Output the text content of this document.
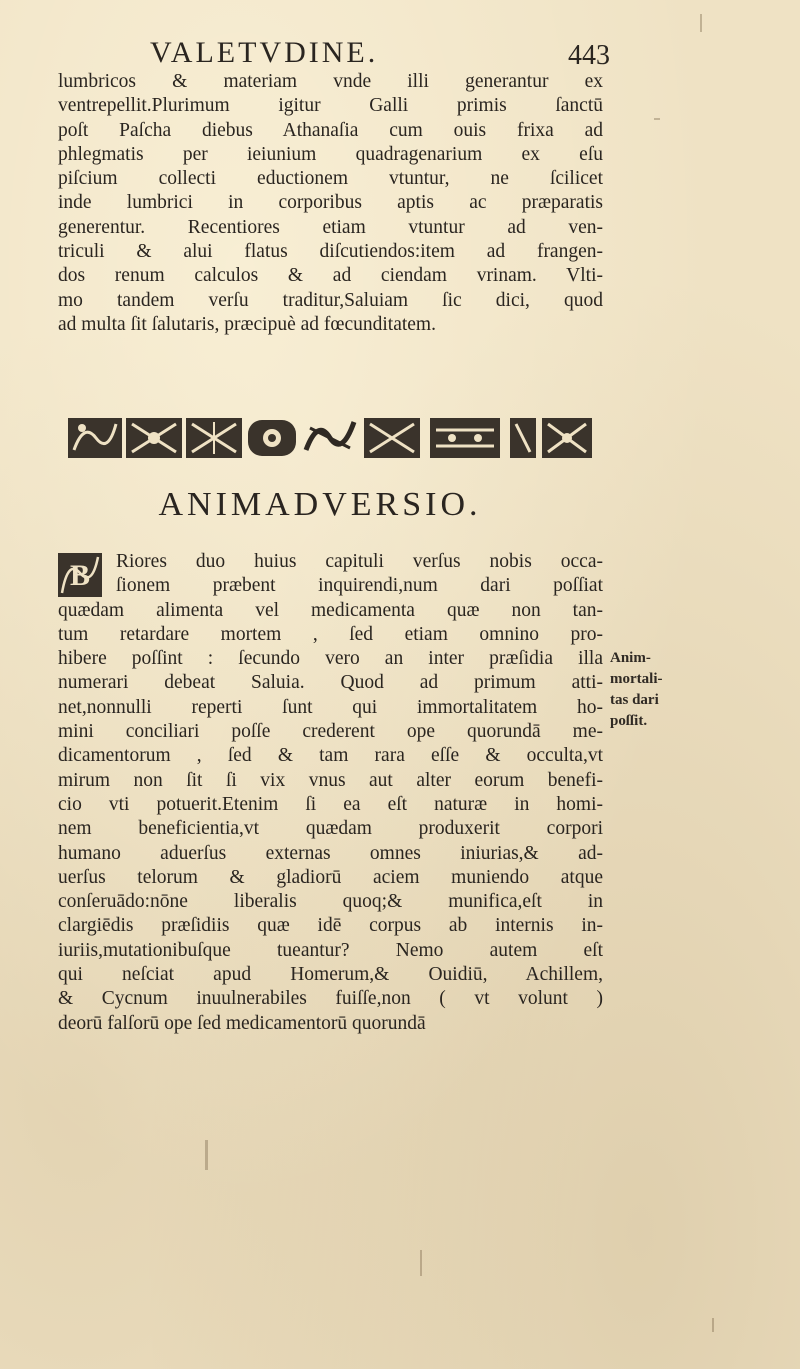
VALETVDINE.	443
lumbricos & materiam vnde illi generantur ex
ventrepellit.Plurimum igitur Galli primis ſanctū
poſt Paſcha diebus Athanaſia cum ouis frixa ad
phlegmatis per ieiunium quadragenarium ex eſu
piſcium collecti eductionem vtuntur, ne ſcilicet
inde lumbrici in corporibus aptis ac præparatis
generentur. Recentiores etiam vtuntur ad ven-
triculi & alui flatus diſcutiendos:item ad frangen-
dos renum calculos & ad ciendam vrinam. Vlti-
mo tandem verſu traditur,Saluiam ſic dici, quod
ad multa ſit ſalutaris, præcipuè ad fœcunditatem.
ANIMADVERSIO.
B	Riores duo huius capituli verſus nobis occa-
ſionem præbent inquirendi,num dari poſſiat
quædam alimenta vel medicamenta quæ non tan-
tum retardare mortem , ſed etiam omnino pro-
hibere poſſint : ſecundo vero an inter præſidia illa
numerari debeat Saluia. Quod ad primum atti-
net,nonnulli reperti ſunt qui immortalitatem ho-
mini conciliari poſſe crederent ope quorundā me-
dicamentorum , ſed & tam rara eſſe & occulta,vt
mirum non ſit ſi vix vnus aut alter eorum benefi-
cio vti potuerit.Etenim ſi ea eſt naturæ in homi-
nem beneficientia,vt quædam produxerit corpori
humano aduerſus externas omnes iniurias,& ad-
uerſus telorum & gladiorū aciem muniendo atque
conſeruādo:nōne liberalis quoq;& munifica,eſt in
clargiēdis præſidiis quæ idē corpus ab internis in-
iuriis,mutationibuſque tueantur? Nemo autem eſt
qui neſciat apud Homerum,& Ouidiū, Achillem,
& Cycnum inuulnerabiles fuiſſe,non ( vt volunt )
deorū falſorū ope ſed medicamentorū quorundā
Anim-
mortali-
tas dari
poſſit.
